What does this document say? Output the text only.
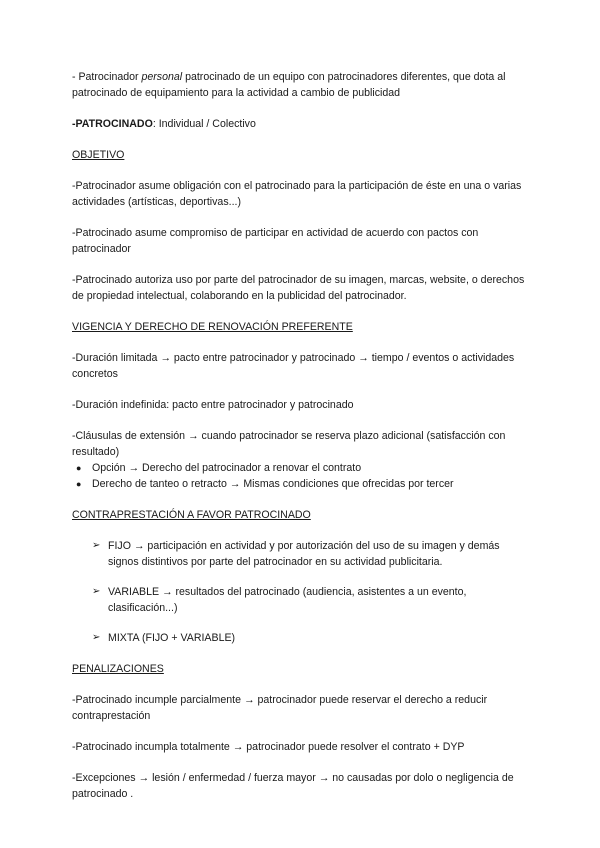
- Patrocinador personal patrocinado de un equipo con patrocinadores diferentes, que dota al patrocinado de equipamiento para la actividad a cambio de publicidad

-PATROCINADO: Individual / Colectivo

OBJETIVO

-Patrocinador asume obligación con el patrocinado para la participación de éste en una o varias actividades (artísticas, deportivas...)

-Patrocinado asume compromiso de participar en actividad de acuerdo con pactos con patrocinador

-Patrocinado autoriza uso por parte del patrocinador de su imagen, marcas, website, o derechos de propiedad intelectual, colaborando en la publicidad del patrocinador.

VIGENCIA Y DERECHO DE RENOVACIÓN PREFERENTE

-Duración limitada → pacto entre patrocinador y patrocinado → tiempo / eventos o actividades concretos

-Duración indefinida: pacto entre patrocinador y patrocinado

-Cláusulas de extensión → cuando patrocinador se reserva plazo adicional (satisfacción con resultado)

● Opción → Derecho del patrocinador a renovar el contrato
● Derecho de tanteo o retracto → Mismas condiciones que ofrecidas por tercer

CONTRAPRESTACIÓN A FAVOR PATROCINADO

➢ FIJO → participación en actividad y por autorización del uso de su imagen y demás signos distintivos por parte del patrocinador en su actividad publicitaria.
➢ VARIABLE → resultados del patrocinado (audiencia, asistentes a un evento, clasificación...)
➢ MIXTA (FIJO + VARIABLE)

PENALIZACIONES

-Patrocinado incumple parcialmente → patrocinador puede reservar el derecho a reducir contraprestación

-Patrocinado incumpla totalmente → patrocinador puede resolver el contrato + DYP

-Excepciones → lesión / enfermedad / fuerza mayor → no causadas por dolo o negligencia de patrocinado .
